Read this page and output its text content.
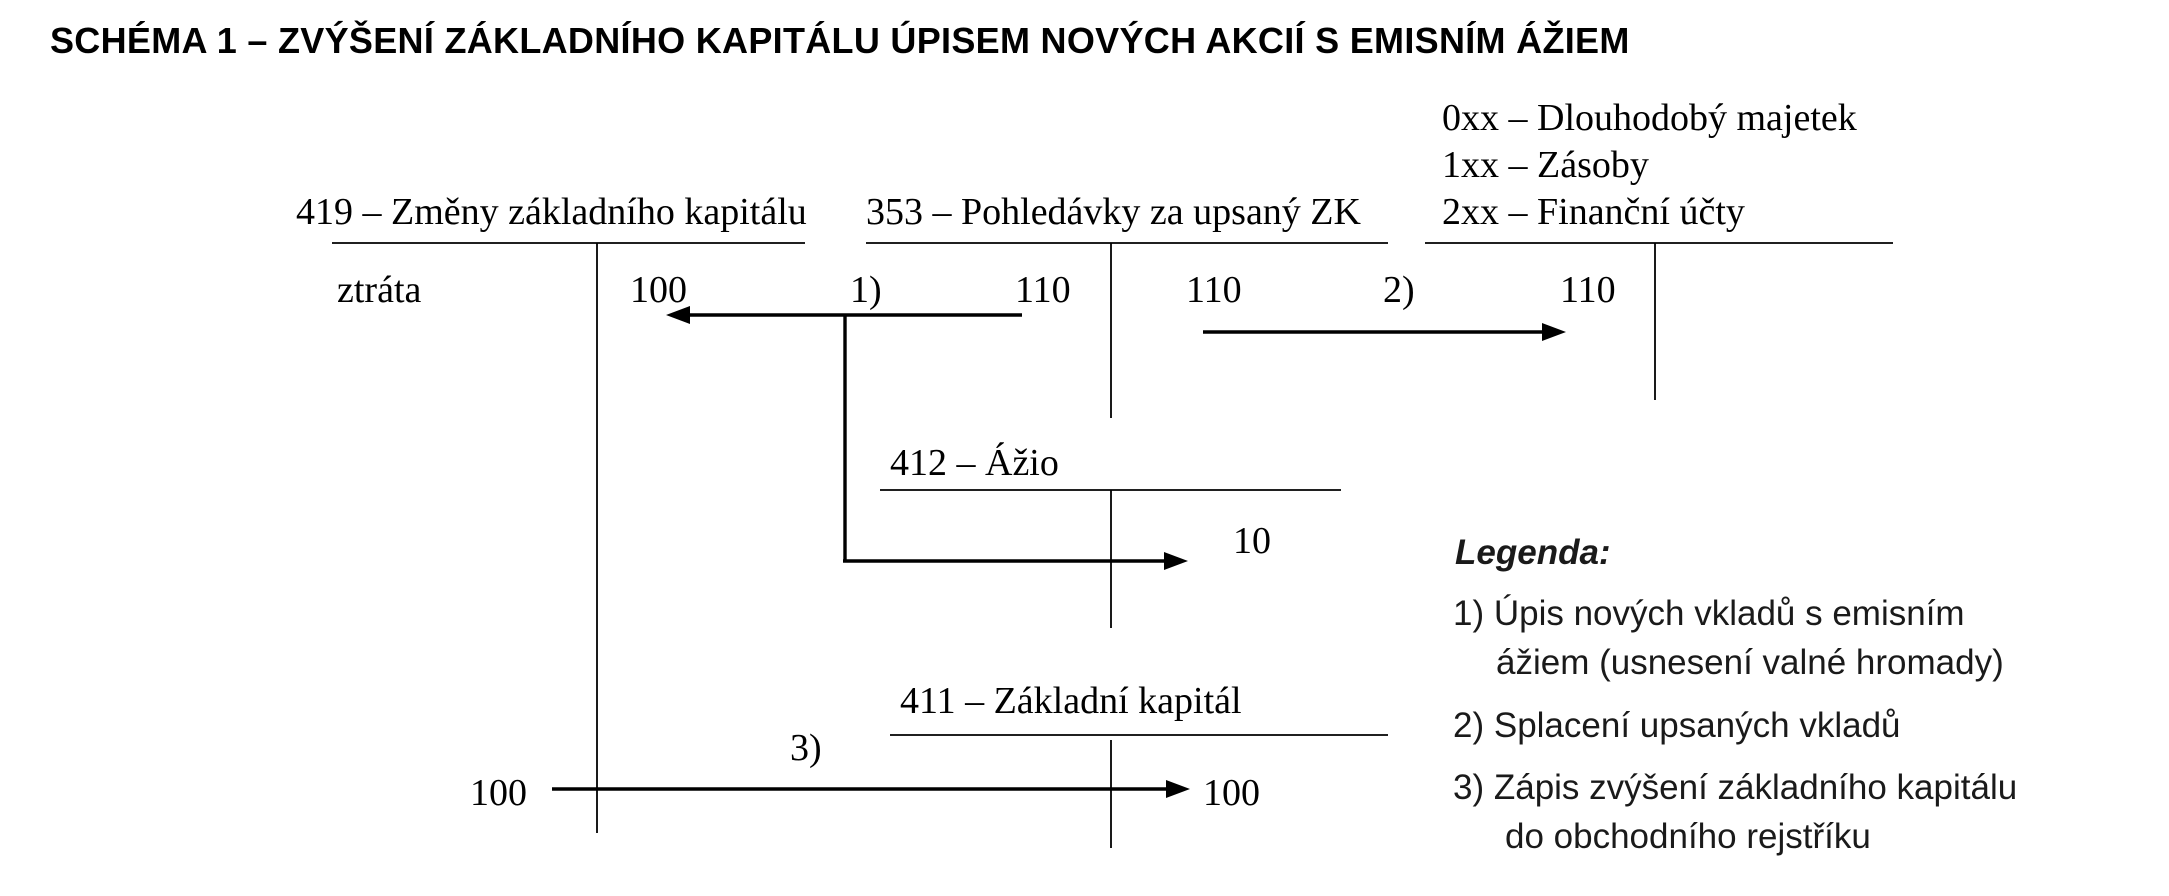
SCHÉMA 1 – ZVÝŠENÍ ZÁKLADNÍHO KAPITÁLU ÚPISEM NOVÝCH AKCIÍ S EMISNÍM ÁŽIEM
419 – Změny základního kapitálu
ztráta	100
353 – Pohledávky za upsaný ZK
110	110
0xx – Dlouhodobý majetek
1xx – Zásoby
2xx – Finanční účty
110
412 – Ážio
10
411 – Základní kapitál
100
100
1)	2)
3)
Legenda:
1) Úpis nových vkladů s emisním
ážiem (usnesení valné hromady)
2) Splacení upsaných vkladů
3) Zápis zvýšení základního kapitálu
do obchodního rejstříku
